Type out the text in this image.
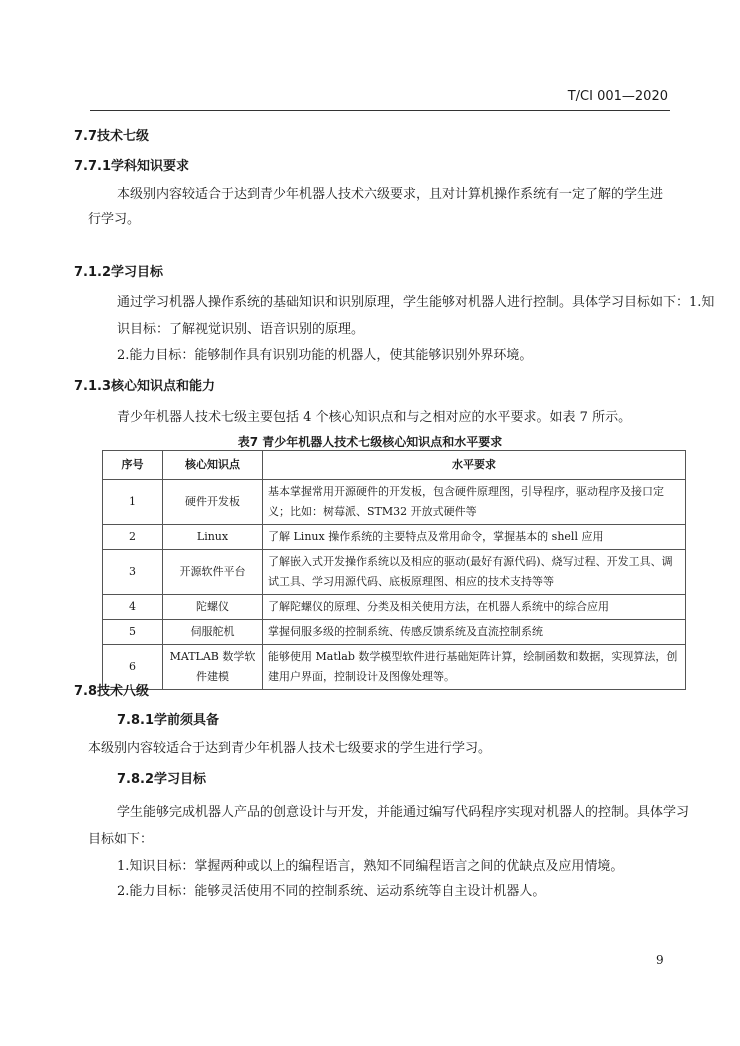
T/CI 001—2020
7.7技术七级
7.7.1学科知识要求
本级别内容较适合于达到青少年机器人技术六级要求，且对计算机操作系统有一定了解的学生进
行学习。
7.1.2学习目标
通过学习机器人操作系统的基础知识和识别原理，学生能够对机器人进行控制。具体学习目标如下：1.知
识目标：了解视觉识别、语音识别的原理。
2.能力目标：能够制作具有识别功能的机器人，使其能够识别外界环境。
7.1.3核心知识点和能力
青少年机器人技术七级主要包括 4 个核心知识点和与之相对应的水平要求。如表 7 所示。
表7 青少年机器人技术七级核心知识点和水平要求
序号	核心知识点	水平要求
1	硬件开发板	基本掌握常用开源硬件的开发板，包含硬件原理图，引导程序，驱动程序及接口定义；比如：树莓派、STM32 开放式硬件等
2	Linux	了解 Linux 操作系统的主要特点及常用命令，掌握基本的 shell 应用
3	开源软件平台	了解嵌入式开发操作系统以及相应的驱动(最好有源代码)、烧写过程、开发工具、调试工具、学习用源代码、底板原理图、相应的技术支持等等
4	陀螺仪	了解陀螺仪的原理、分类及相关使用方法，在机器人系统中的综合应用
5	伺服舵机	掌握伺服多级的控制系统、传感反馈系统及直流控制系统
6	MATLAB 数学软件建模	能够使用 Matlab 数学模型软件进行基础矩阵计算，绘制函数和数据，实现算法，创建用户界面，控制设计及图像处理等。
7.8技术八级
7.8.1学前须具备
本级别内容较适合于达到青少年机器人技术七级要求的学生进行学习。
7.8.2学习目标
学生能够完成机器人产品的创意设计与开发，并能通过编写代码程序实现对机器人的控制。具体学习
目标如下：
1.知识目标：掌握两种或以上的编程语言，熟知不同编程语言之间的优缺点及应用情境。
2.能力目标：能够灵活使用不同的控制系统、运动系统等自主设计机器人。
9
